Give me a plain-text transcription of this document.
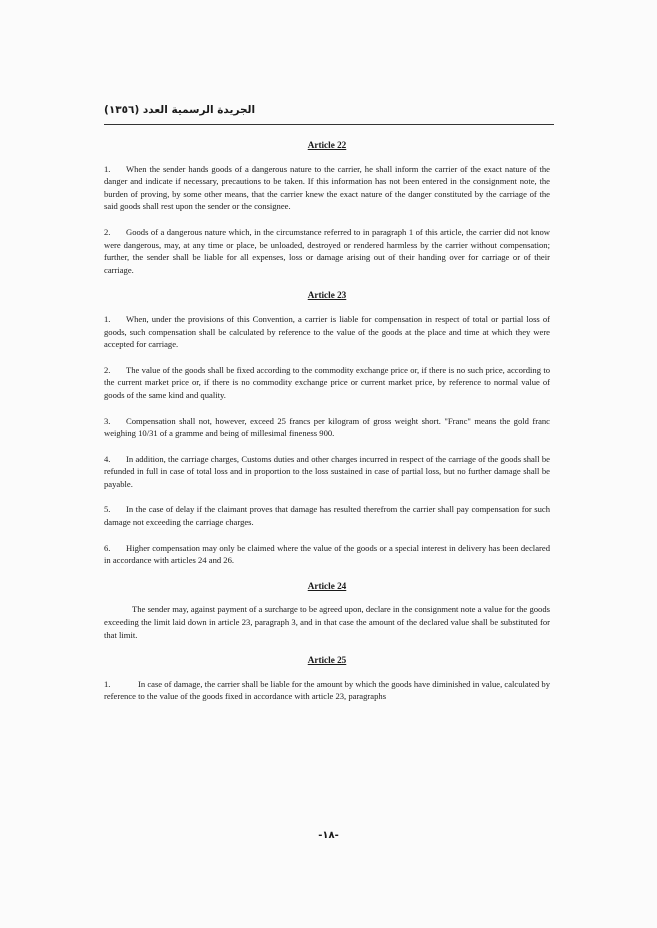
الجريدة الرسمية العدد (١٣٥٦)
Article 22

1. When the sender hands goods of a dangerous nature to the carrier, he shall inform the carrier of the exact nature of the danger and indicate if necessary, precautions to be taken. If this information has not been entered in the consignment note, the burden of proving, by some other means, that the carrier knew the exact nature of the danger constituted by the carriage of the said goods shall rest upon the sender or the consignee.

2. Goods of a dangerous nature which, in the circumstance referred to in paragraph 1 of this article, the carrier did not know were dangerous, may, at any time or place, be unloaded, destroyed or rendered harmless by the carrier without compensation; further, the sender shall be liable for all expenses, loss or damage arising out of their handing over for carriage or of their carriage.

Article 23

1. When, under the provisions of this Convention, a carrier is liable for compensation in respect of total or partial loss of goods, such compensation shall be calculated by reference to the value of the goods at the place and time at which they were accepted for carriage.

2. The value of the goods shall be fixed according to the commodity exchange price or, if there is no such price, according to the current market price or, if there is no commodity exchange price or current market price, by reference to normal value of goods of the same kind and quality.

3. Compensation shall not, however, exceed 25 francs per kilogram of gross weight short. "Franc" means the gold franc weighing 10/31 of a gramme and being of millesimal fineness 900.

4. In addition, the carriage charges, Customs duties and other charges incurred in respect of the carriage of the goods shall be refunded in full in case of total loss and in proportion to the loss sustained in case of partial loss, but no further damage shall be payable.

5. In the case of delay if the claimant proves that damage has resulted therefrom the carrier shall pay compensation for such damage not exceeding the carriage charges.

6. Higher compensation may only be claimed where the value of the goods or a special interest in delivery has been declared in accordance with articles 24 and 26.

Article 24

The sender may, against payment of a surcharge to be agreed upon, declare in the consignment note a value for the goods exceeding the limit laid down in article 23, paragraph 3, and in that case the amount of the declared value shall be substituted for that limit.

Article 25

1.	In case of damage, the carrier shall be liable for the amount by which the goods have diminished in value, calculated by reference to the value of the goods fixed in accordance with article 23, paragraphs

-١٨-
